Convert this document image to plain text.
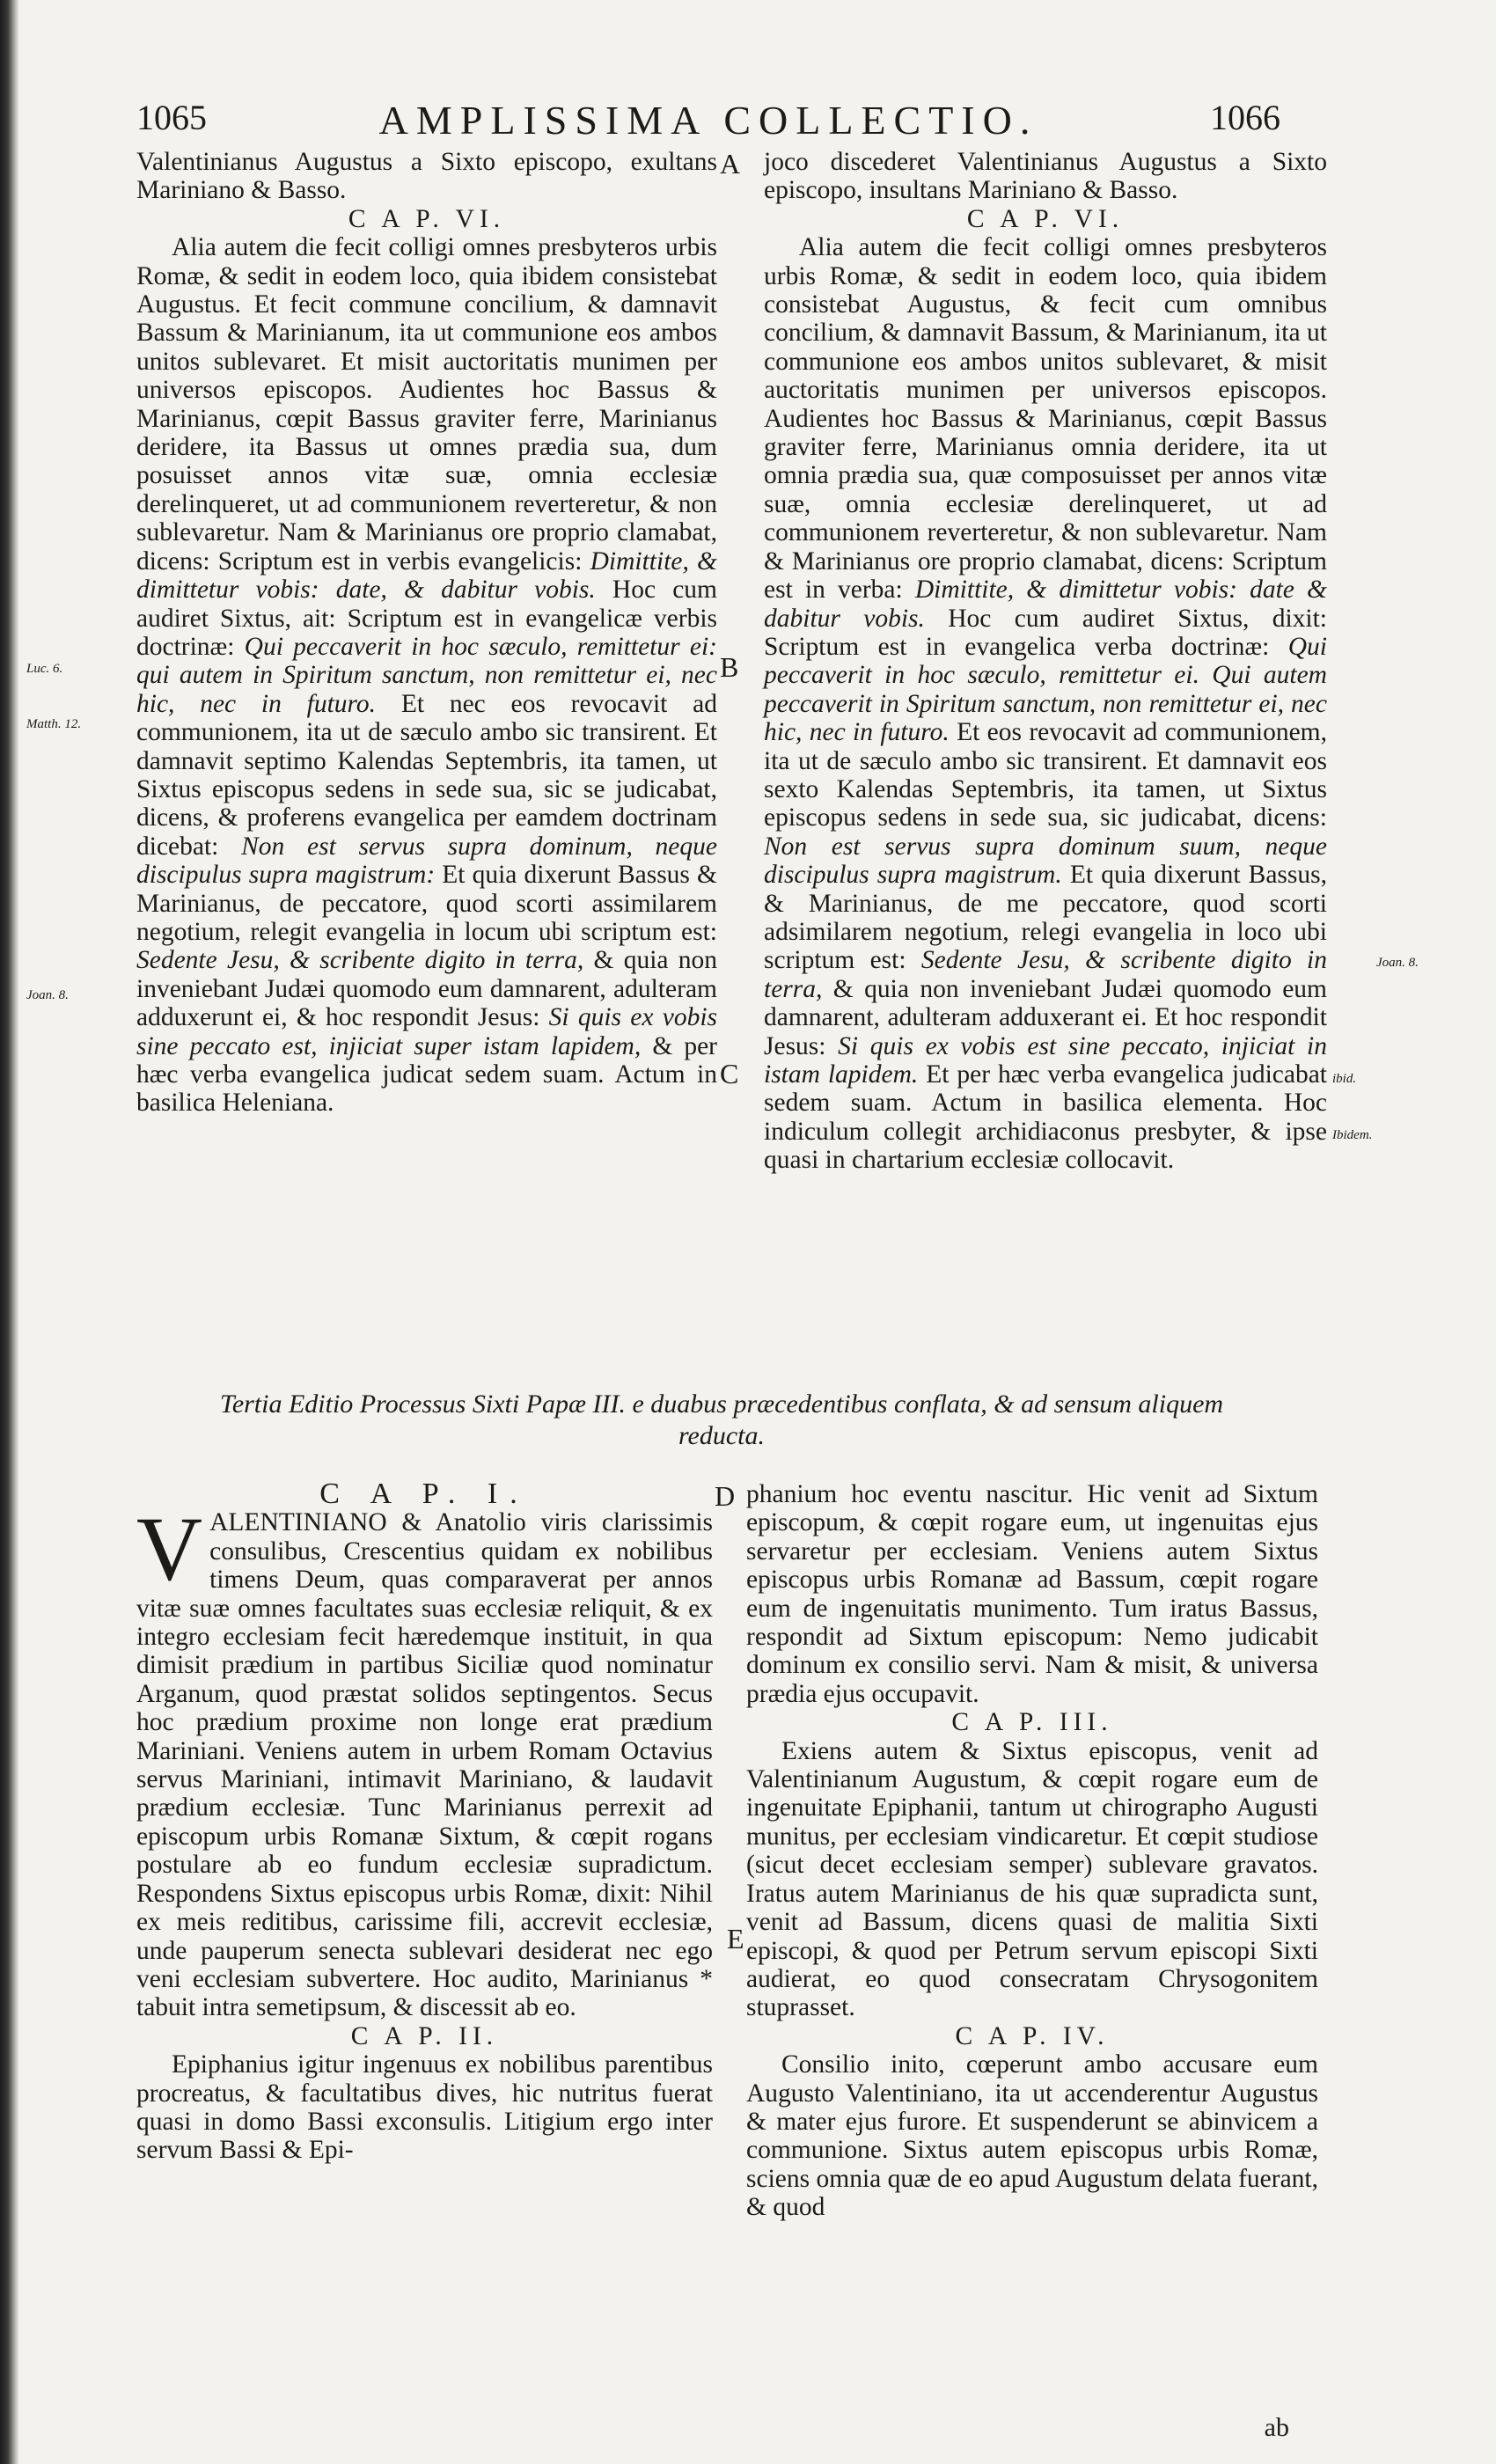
1065	AMPLISSIMA COLLECTIO.	1066

Valentinianus Augustus a Sixto episcopo, exultans Mariniano & Basso.

C A P. VI.

Alia autem die fecit colligi omnes presbyteros urbis Romæ, & sedit in eodem loco, quia ibidem consistebat Augustus. Et fecit commune concilium, & damnavit Bassum & Marinianum, ita ut communione eos ambos unitos sublevaret. Et misit auctoritatis munimen per universos episcopos. Audientes hoc Bassus & Marinianus, cœpit Bassus graviter ferre, Marinianus deridere, ita Bassus ut omnes prædia sua, dum posuisset annos vitæ suæ, omnia ecclesiæ derelinqueret, ut ad communionem reverteretur, & non sublevaretur. Nam & Marinianus ore proprio clamabat, dicens: Scriptum est in verbis evangelicis: Dimittite, & dimittetur vobis: date, & dabitur vobis. Hoc cum audiret Sixtus, ait: Scriptum est in evangelicæ verbis doctrinæ: Qui peccaverit in hoc sæculo, remittetur ei: qui autem in Spiritum sanctum, non remittetur ei, nec hic, nec in futuro. Et nec eos revocavit ad communionem, ita ut de sæculo ambo sic transirent. Et damnavit septimo Kalendas Septembris, ita tamen, ut Sixtus episcopus sedens in sede sua, sic se judicabat, dicens, & proferens evangelica per eamdem doctrinam dicebat: Non est servus supra dominum, neque discipulus supra magistrum: Et quia dixerunt Bassus & Marinianus, de peccatore, quod scorti assimilarem negotium, relegit evangelia in locum ubi scriptum est: Sedente Jesu, & scribente digito in terra, & quia non inveniebant Judæi quomodo eum damnarent, adulteram adduxerunt ei, & hoc respondit Jesus: Si quis ex vobis sine peccato est, injiciat super istam lapidem, & per hæc verba evangelica judicat sedem suam. Actum in basilica Heleniana.

joco discederet Valentinianus Augustus a Sixto episcopo, insultans Mariniano & Basso.

C A P. VI.

Alia autem die fecit colligi omnes presbyteros urbis Romæ, & sedit in eodem loco, quia ibidem consistebat Augustus, & fecit cum omnibus concilium, & damnavit Bassum, & Marinianum, ita ut communione eos ambos unitos sublevaret, & misit auctoritatis munimen per universos episcopos. Audientes hoc Bassus & Marinianus, cœpit Bassus graviter ferre, Marinianus omnia deridere, ita ut omnia prædia sua, quæ composuisset per annos vitæ suæ, omnia ecclesiæ derelinqueret, ut ad communionem reverteretur, & non sublevaretur. Nam & Marinianus ore proprio clamabat, dicens: Scriptum est in verba: Dimittite, & dimittetur vobis: date & dabitur vobis. Hoc cum audiret Sixtus, dixit: Scriptum est in evangelica verba doctrinæ: Qui peccaverit in hoc sæculo, remittetur ei. Qui autem peccaverit in Spiritum sanctum, non remittetur ei, nec hic, nec in futuro. Et eos revocavit ad communionem, ita ut de sæculo ambo sic transirent. Et damnavit eos sexto Kalendas Septembris, ita tamen, ut Sixtus episcopus sedens in sede sua, sic judicabat, dicens: Non est servus supra dominum suum, neque discipulus supra magistrum. Et quia dixerunt Bassus, & Marinianus, de me peccatore, quod scorti adsimilarem negotium, relegi evangelia in loco ubi scriptum est: Sedente Jesu, & scribente digito in terra, & quia non inveniebant Judæi quomodo eum damnarent, adulteram adduxerant ei. Et hoc respondit Jesus: Si quis ex vobis est sine peccato, injiciat in istam lapidem. Et per hæc verba evangelica judicabat sedem suam. Actum in basilica elementa. Hoc indiculum collegit archidiaconus presbyter, & ipse quasi in chartarium ecclesiæ collocavit.

A
B
C
D
E
Luc. 6.
Matth. 12.
Joan. 8.
Joan. 8.
ibid.
Ibidem.
Tertia Editio Processus Sixti Papæ III. e duabus præcedentibus conflata, & ad sensum aliquem reducta.

C A P. I.

VALENTINIANO & Anatolio viris clarissimis consulibus, Crescentius quidam ex nobilibus timens Deum, quas comparaverat per annos vitæ suæ omnes facultates suas ecclesiæ reliquit, & ex integro ecclesiam fecit hæredemque instituit, in qua dimisit prædium in partibus Siciliæ quod nominatur Arganum, quod præstat solidos septingentos. Secus hoc prædium proxime non longe erat prædium Mariniani. Veniens autem in urbem Romam Octavius servus Mariniani, intimavit Mariniano, & laudavit prædium ecclesiæ. Tunc Marinianus perrexit ad episcopum urbis Romanæ Sixtum, & cœpit rogans postulare ab eo fundum ecclesiæ supradictum. Respondens Sixtus episcopus urbis Romæ, dixit: Nihil ex meis reditibus, carissime fili, accrevit ecclesiæ, unde pauperum senecta sublevari desiderat nec ego veni ecclesiam subvertere. Hoc audito, Marinianus * tabuit intra semetipsum, & discessit ab eo.

C A P. II.

Epiphanius igitur ingenuus ex nobilibus parentibus procreatus, & facultatibus dives, hic nutritus fuerat quasi in domo Bassi exconsulis. Litigium ergo inter servum Bassi & Epi-

phanium hoc eventu nascitur. Hic venit ad Sixtum episcopum, & cœpit rogare eum, ut ingenuitas ejus servaretur per ecclesiam. Veniens autem Sixtus episcopus urbis Romanæ ad Bassum, cœpit rogare eum de ingenuitatis munimento. Tum iratus Bassus, respondit ad Sixtum episcopum: Nemo judicabit dominum ex consilio servi. Nam & misit, & universa prædia ejus occupavit.

C A P. III.

Exiens autem & Sixtus episcopus, venit ad Valentinianum Augustum, & cœpit rogare eum de ingenuitate Epiphanii, tantum ut chirographo Augusti munitus, per ecclesiam vindicaretur. Et cœpit studiose (sicut decet ecclesiam semper) sublevare gravatos. Iratus autem Marinianus de his quæ supradicta sunt, venit ad Bassum, dicens quasi de malitia Sixti episcopi, & quod per Petrum servum episcopi Sixti audierat, eo quod consecratam Chrysogonitem stuprasset.

C A P. IV.

Consilio inito, cœperunt ambo accusare eum Augusto Valentiniano, ita ut accenderentur Augustus & mater ejus furore. Et suspenderunt se abinvicem a communione. Sixtus autem episcopus urbis Romæ, sciens omnia quæ de eo apud Augustum delata fuerant, & quod

ab
